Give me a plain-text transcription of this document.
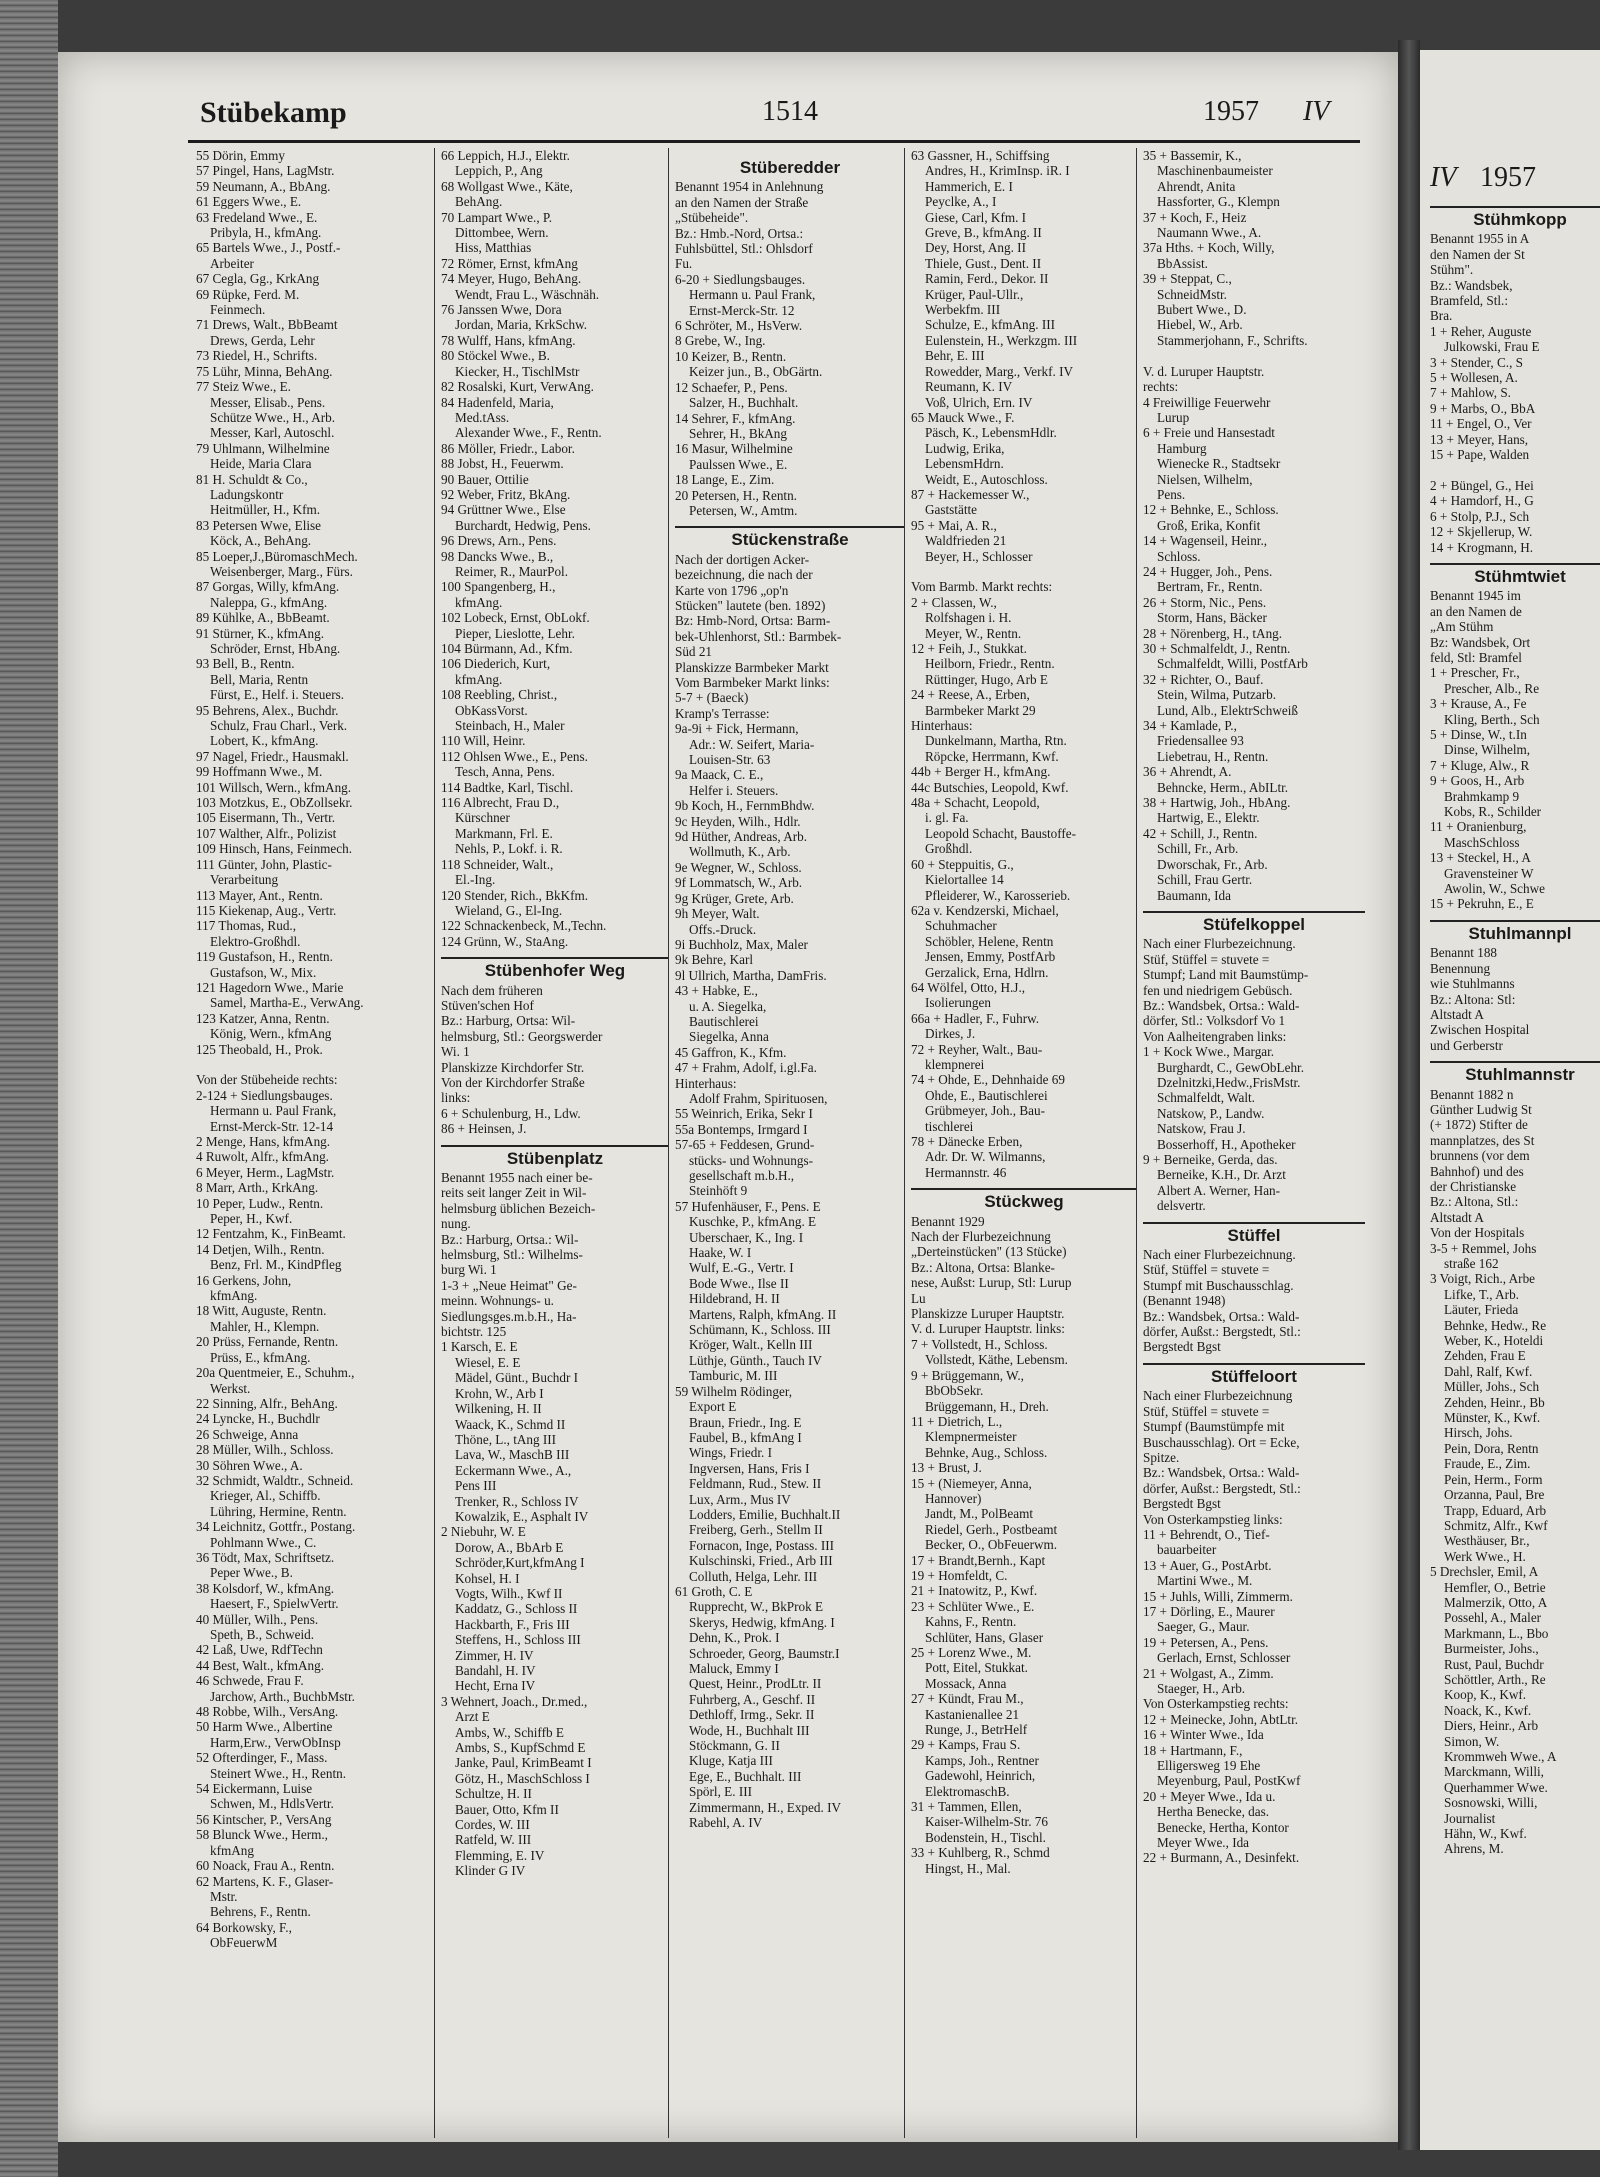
IV 1957
Stühmkopp
Benannt 1955 in A
den Namen der St
Stühm".
Bz.: Wandsbek,
Bramfeld, Stl.:
Bra.
1 + Reher, Auguste
Julkowski, Frau E
3 + Stender, C., S
5 + Wollesen, A.
7 + Mahlow, S.
9 + Marbs, O., BbA
11 + Engel, O., Ver
13 + Meyer, Hans,
15 + Pape, Walden

2 + Büngel, G., Hei
4 + Hamdorf, H., G
6 + Stolp, P.J., Sch
12 + Skjellerup, W.
14 + Krogmann, H.
Stühmtwiet
Benannt 1945 im
an den Namen de
„Am Stühm
Bz: Wandsbek, Ort
feld, Stl: Bramfel
1 + Prescher, Fr.,
Prescher, Alb., Re
3 + Krause, A., Fe
Kling, Berth., Sch
5 + Dinse, W., t.In
Dinse, Wilhelm,
7 + Kluge, Alw., R
9 + Goos, H., Arb
Brahmkamp 9
Kobs, R., Schilder
11 + Oranienburg,
MaschSchloss
13 + Steckel, H., A
Gravensteiner W
Awolin, W., Schwe
15 + Pekruhn, E., E
Stuhlmannpl
Benannt 188
Benennung
wie Stuhlmanns
Bz.: Altona: Stl:
Altstadt A
Zwischen Hospital
und Gerberstr
Stuhlmannstr
Benannt 1882 n
Günther Ludwig St
(+ 1872) Stifter de
mannplatzes, des St
brunnens (vor dem
Bahnhof) und des
der Christianske
Bz.: Altona, Stl.:
Altstadt A
Von der Hospitals
3-5 + Remmel, Johs
straße 162
3 Voigt, Rich., Arbe
Lifke, T., Arb.
Läuter, Frieda
Behnke, Hedw., Re
Weber, K., Hoteldi
Zehden, Frau E
Dahl, Ralf, Kwf.
Müller, Johs., Sch
Zehden, Heinr., Bb
Münster, K., Kwf.
Hirsch, Johs.
Pein, Dora, Rentn
Fraude, E., Zim.
Pein, Herm., Form
Orzanna, Paul, Bre
Trapp, Eduard, Arb
Schmitz, Alfr., Kwf
Westhäuser, Br.,
Werk Wwe., H.
5 Drechsler, Emil, A
Hemfler, O., Betrie
Malmerzik, Otto, A
Possehl, A., Maler
Markmann, L., Bbo
Burmeister, Johs.,
Rust, Paul, Buchdr
Schöttler, Arth., Re
Koop, K., Kwf.
Noack, K., Kwf.
Diers, Heinr., Arb
Simon, W.
Krommweh Wwe., A
Marckmann, Willi,
Querhammer Wwe.
Sosnowski, Willi,
Journalist
Hähn, W., Kwf.
Ahrens, M.
Stübekamp	1514	1957 IV
55 Dörin, Emmy
57 Pingel, Hans, LagMstr.
59 Neumann, A., BbAng.
61 Eggers Wwe., E.
63 Fredeland Wwe., E.
Pribyla, H., kfmAng.
65 Bartels Wwe., J., Postf.-
Arbeiter
67 Cegla, Gg., KrkAng
69 Rüpke, Ferd. M.
Feinmech.
71 Drews, Walt., BbBeamt
Drews, Gerda, Lehr
73 Riedel, H., Schrifts.
75 Lühr, Minna, BehAng.
77 Steiz Wwe., E.
Messer, Elisab., Pens.
Schütze Wwe., H., Arb.
Messer, Karl, Autoschl.
79 Uhlmann, Wilhelmine
Heide, Maria Clara
81 H. Schuldt & Co.,
Ladungskontr
Heitmüller, H., Kfm.
83 Petersen Wwe, Elise
Köck, A., BehAng.
85 Loeper,J.,BüromaschMech.
Weisenberger, Marg., Fürs.
87 Gorgas, Willy, kfmAng.
Naleppa, G., kfmAng.
89 Kühlke, A., BbBeamt.
91 Stürner, K., kfmAng.
Schröder, Ernst, HbAng.
93 Bell, B., Rentn.
Bell, Maria, Rentn
Fürst, E., Helf. i. Steuers.
95 Behrens, Alex., Buchdr.
Schulz, Frau Charl., Verk.
Lobert, K., kfmAng.
97 Nagel, Friedr., Hausmakl.
99 Hoffmann Wwe., M.
101 Willsch, Wern., kfmAng.
103 Motzkus, E., ObZollsekr.
105 Eisermann, Th., Vertr.
107 Walther, Alfr., Polizist
109 Hinsch, Hans, Feinmech.
111 Günter, John, Plastic-
Verarbeitung
113 Mayer, Ant., Rentn.
115 Kiekenap, Aug., Vertr.
117 Thomas, Rud.,
Elektro-Großhdl.
119 Gustafson, H., Rentn.
Gustafson, W., Mix.
121 Hagedorn Wwe., Marie
Samel, Martha-E., VerwAng.
123 Katzer, Anna, Rentn.
König, Wern., kfmAng
125 Theobald, H., Prok.

Von der Stübeheide rechts:
2-124 + Siedlungsbauges.
Hermann u. Paul Frank,
Ernst-Merck-Str. 12-14
2 Menge, Hans, kfmAng.
4 Ruwolt, Alfr., kfmAng.
6 Meyer, Herm., LagMstr.
8 Marr, Arth., KrkAng.
10 Peper, Ludw., Rentn.
Peper, H., Kwf.
12 Fentzahm, K., FinBeamt.
14 Detjen, Wilh., Rentn.
Benz, Frl. M., KindPfleg
16 Gerkens, John,
kfmAng.
18 Witt, Auguste, Rentn.
Mahler, H., Klempn.
20 Prüss, Fernande, Rentn.
Prüss, E., kfmAng.
20a Quentmeier, E., Schuhm.,
Werkst.
22 Sinning, Alfr., BehAng.
24 Lyncke, H., Buchdlr
26 Schweige, Anna
28 Müller, Wilh., Schloss.
30 Söhren Wwe., A.
32 Schmidt, Waldtr., Schneid.
Krieger, Al., Schiffb.
Lühring, Hermine, Rentn.
34 Leichnitz, Gottfr., Postang.
Pohlmann Wwe., C.
36 Tödt, Max, Schriftsetz.
Peper Wwe., B.
38 Kolsdorf, W., kfmAng.
Haesert, F., SpielwVertr.
40 Müller, Wilh., Pens.
Speth, B., Schweid.
42 Laß, Uwe, RdfTechn
44 Best, Walt., kfmAng.
46 Schwede, Frau F.
Jarchow, Arth., BuchbMstr.
48 Robbe, Wilh., VersAng.
50 Harm Wwe., Albertine
Harm,Erw., VerwObInsp
52 Ofterdinger, F., Mass.
Steinert Wwe., H., Rentn.
54 Eickermann, Luise
Schwen, M., HdlsVertr.
56 Kintscher, P., VersAng
58 Blunck Wwe., Herm.,
kfmAng
60 Noack, Frau A., Rentn.
62 Martens, K. F., Glaser-
Mstr.
Behrens, F., Rentn.
64 Borkowsky, F.,
ObFeuerwM
66 Leppich, H.J., Elektr.
Leppich, P., Ang
68 Wollgast Wwe., Käte,
BehAng.
70 Lampart Wwe., P.
Dittombee, Wern.
Hiss, Matthias
72 Römer, Ernst, kfmAng
74 Meyer, Hugo, BehAng.
Wendt, Frau L., Wäschnäh.
76 Janssen Wwe, Dora
Jordan, Maria, KrkSchw.
78 Wulff, Hans, kfmAng.
80 Stöckel Wwe., B.
Kiecker, H., TischlMstr
82 Rosalski, Kurt, VerwAng.
84 Hadenfeld, Maria,
Med.tAss.
Alexander Wwe., F., Rentn.
86 Möller, Friedr., Labor.
88 Jobst, H., Feuerwm.
90 Bauer, Ottilie
92 Weber, Fritz, BkAng.
94 Grüttner Wwe., Else
Burchardt, Hedwig, Pens.
96 Drews, Arn., Pens.
98 Dancks Wwe., B.,
Reimer, R., MaurPol.
100 Spangenberg, H.,
kfmAng.
102 Lobeck, Ernst, ObLokf.
Pieper, Lieslotte, Lehr.
104 Bürmann, Ad., Kfm.
106 Diederich, Kurt,
kfmAng.
108 Reebling, Christ.,
ObKassVorst.
Steinbach, H., Maler
110 Will, Heinr.
112 Ohlsen Wwe., E., Pens.
Tesch, Anna, Pens.
114 Badtke, Karl, Tischl.
116 Albrecht, Frau D.,
Kürschner
Markmann, Frl. E.
Nehls, P., Lokf. i. R.
118 Schneider, Walt.,
El.-Ing.
120 Stender, Rich., BkKfm.
Wieland, G., El-Ing.
122 Schnackenbeck, M.,Techn.
124 Grünn, W., StaAng.
Stübenhofer Weg
Nach dem früheren
Stüven'schen Hof
Bz.: Harburg, Ortsa: Wil-
helmsburg, Stl.: Georgswerder
Wi. 1
Planskizze Kirchdorfer Str.
Von der Kirchdorfer Straße
links:
6 + Schulenburg, H., Ldw.
86 + Heinsen, J.
Stübenplatz
Benannt 1955 nach einer be-
reits seit langer Zeit in Wil-
helmsburg üblichen Bezeich-
nung.
Bz.: Harburg, Ortsa.: Wil-
helmsburg, Stl.: Wilhelms-
burg Wi. 1
1-3 + „Neue Heimat" Ge-
meinn. Wohnungs- u.
Siedlungsges.m.b.H., Ha-
bichtstr. 125
1 Karsch, E. E
Wiesel, E. E
Mädel, Günt., Buchdr I
Krohn, W., Arb I
Wilkening, H. II
Waack, K., Schmd II
Thöne, L., tAng III
Lava, W., MaschB III
Eckermann Wwe., A.,
Pens III
Trenker, R., Schloss IV
Kowalzik, E., Asphalt IV
2 Niebuhr, W. E
Dorow, A., BbArb E
Schröder,Kurt,kfmAng I
Kohsel, H. I
Vogts, Wilh., Kwf II
Kaddatz, G., Schloss II
Hackbarth, F., Fris III
Steffens, H., Schloss III
Zimmer, H. IV
Bandahl, H. IV
Hecht, Erna IV
3 Wehnert, Joach., Dr.med.,
Arzt E
Ambs, W., Schiffb E
Ambs, S., KupfSchmd E
Janke, Paul, KrimBeamt I
Götz, H., MaschSchloss I
Schultze, H. II
Bauer, Otto, Kfm II
Cordes, W. III
Ratfeld, W. III
Flemming, E. IV
Klinder G IV
Stüberedder
Benannt 1954 in Anlehnung
an den Namen der Straße
„Stübeheide".
Bz.: Hmb.-Nord, Ortsa.:
Fuhlsbüttel, Stl.: Ohlsdorf
Fu.
6-20 + Siedlungsbauges.
Hermann u. Paul Frank,
Ernst-Merck-Str. 12
6 Schröter, M., HsVerw.
8 Grebe, W., Ing.
10 Keizer, B., Rentn.
Keizer jun., B., ObGärtn.
12 Schaefer, P., Pens.
Salzer, H., Buchhalt.
14 Sehrer, F., kfmAng.
Sehrer, H., BkAng
16 Masur, Wilhelmine
Paulssen Wwe., E.
18 Lange, E., Zim.
20 Petersen, H., Rentn.
Petersen, W., Amtm.
Stückenstraße
Nach der dortigen Acker-
bezeichnung, die nach der
Karte von 1796 „op'n
Stücken" lautete (ben. 1892)
Bz: Hmb-Nord, Ortsa: Barm-
bek-Uhlenhorst, Stl.: Barmbek-
Süd 21
Planskizze Barmbeker Markt
Vom Barmbeker Markt links:
5-7 + (Baeck)
Kramp's Terrasse:
9a-9i + Fick, Hermann,
Adr.: W. Seifert, Maria-
Louisen-Str. 63
9a Maack, C. E.,
Helfer i. Steuers.
9b Koch, H., FernmBhdw.
9c Heyden, Wilh., Hdlr.
9d Hüther, Andreas, Arb.
Wollmuth, K., Arb.
9e Wegner, W., Schloss.
9f Lommatsch, W., Arb.
9g Krüger, Grete, Arb.
9h Meyer, Walt.
Offs.-Druck.
9i Buchholz, Max, Maler
9k Behre, Karl
9l Ullrich, Martha, DamFris.
43 + Habke, E.,
u. A. Siegelka,
Bautischlerei
Siegelka, Anna
45 Gaffron, K., Kfm.
47 + Frahm, Adolf, i.gl.Fa.
Hinterhaus:
Adolf Frahm, Spirituosen,
55 Weinrich, Erika, Sekr I
55a Bontemps, Irmgard I
57-65 + Feddesen, Grund-
stücks- und Wohnungs-
gesellschaft m.b.H.,
Steinhöft 9
57 Hufenhäuser, F., Pens. E
Kuschke, P., kfmAng. E
Uberschaer, K., Ing. I
Haake, W. I
Wulf, E.-G., Vertr. I
Bode Wwe., Ilse II
Hildebrand, H. II
Martens, Ralph, kfmAng. II
Schümann, K., Schloss. III
Kröger, Walt., Kelln III
Lüthje, Günth., Tauch IV
Tamburic, M. III
59 Wilhelm Rödinger,
Export E
Braun, Friedr., Ing. E
Faubel, B., kfmAng I
Wings, Friedr. I
Ingversen, Hans, Fris I
Feldmann, Rud., Stew. II
Lux, Arm., Mus IV
Lodders, Emilie, Buchhalt.II
Freiberg, Gerh., Stellm II
Fornacon, Inge, Postass. III
Kulschinski, Fried., Arb III
Colluth, Helga, Lehr. III
61 Groth, C. E
Rupprecht, W., BkProk E
Skerys, Hedwig, kfmAng. I
Dehn, K., Prok. I
Schroeder, Georg, Baumstr.I
Maluck, Emmy I
Quest, Heinr., ProdLtr. II
Fuhrberg, A., Geschf. II
Dethloff, Irmg., Sekr. II
Wode, H., Buchhalt III
Stöckmann, G. II
Kluge, Katja III
Ege, E., Buchhalt. III
Spörl, E. III
Zimmermann, H., Exped. IV
Rabehl, A. IV
63 Gassner, H., Schiffsing
Andres, H., KrimInsp. iR. I
Hammerich, E. I
Peyclke, A., I
Giese, Carl, Kfm. I
Greve, B., kfmAng. II
Dey, Horst, Ang. II
Thiele, Gust., Dent. II
Ramin, Ferd., Dekor. II
Krüger, Paul-Ullr.,
Werbekfm. III
Schulze, E., kfmAng. III
Eulenstein, H., Werkzgm. III
Behr, E. III
Rowedder, Marg., Verkf. IV
Reumann, K. IV
Voß, Ulrich, Ern. IV
65 Mauck Wwe., F.
Päsch, K., LebensmHdlr.
Ludwig, Erika,
LebensmHdrn.
Weidt, E., Autoschloss.
87 + Hackemesser W.,
Gaststätte
95 + Mai, A. R.,
Waldfrieden 21
Beyer, H., Schlosser

Vom Barmb. Markt rechts:
2 + Classen, W.,
Rolfshagen i. H.
Meyer, W., Rentn.
12 + Feih, J., Stukkat.
Heilborn, Friedr., Rentn.
Rüttinger, Hugo, Arb E
24 + Reese, A., Erben,
Barmbeker Markt 29
Hinterhaus:
Dunkelmann, Martha, Rtn.
Röpcke, Herrmann, Kwf.
44b + Berger H., kfmAng.
44c Butschies, Leopold, Kwf.
48a + Schacht, Leopold,
i. gl. Fa.
Leopold Schacht, Baustoffe-
Großhdl.
60 + Steppuitis, G.,
Kielortallee 14
Pfleiderer, W., Karosserieb.
62a v. Kendzerski, Michael,
Schuhmacher
Schöbler, Helene, Rentn
Jensen, Emmy, PostfArb
Gerzalick, Erna, Hdlrn.
64 Wölfel, Otto, H.J.,
Isolierungen
66a + Hadler, F., Fuhrw.
Dirkes, J.
72 + Reyher, Walt., Bau-
klempnerei
74 + Ohde, E., Dehnhaide 69
Ohde, E., Bautischlerei
Grübmeyer, Joh., Bau-
tischlerei
78 + Dänecke Erben,
Adr. Dr. W. Wilmanns,
Hermannstr. 46
Stückweg
Benannt 1929
Nach der Flurbezeichnung
„Derteinstücken" (13 Stücke)
Bz.: Altona, Ortsa: Blanke-
nese, Außst: Lurup, Stl: Lurup
Lu
Planskizze Luruper Hauptstr.
V. d. Luruper Hauptstr. links:
7 + Vollstedt, H., Schloss.
Vollstedt, Käthe, Lebensm.
9 + Brüggemann, W.,
BbObSekr.
Brüggemann, H., Dreh.
11 + Dietrich, L.,
Klempnermeister
Behnke, Aug., Schloss.
13 + Brust, J.
15 + (Niemeyer, Anna,
Hannover)
Jandt, M., PolBeamt
Riedel, Gerh., Postbeamt
Becker, O., ObFeuerwm.
17 + Brandt,Bernh., Kapt
19 + Homfeldt, C.
21 + Inatowitz, P., Kwf.
23 + Schlüter Wwe., E.
Kahns, F., Rentn.
Schlüter, Hans, Glaser
25 + Lorenz Wwe., M.
Pott, Eitel, Stukkat.
Mossack, Anna
27 + Kündt, Frau M.,
Kastanienallee 21
Runge, J., BetrHelf
29 + Kamps, Frau S.
Kamps, Joh., Rentner
Gadewohl, Heinrich,
ElektromaschB.
31 + Tammen, Ellen,
Kaiser-Wilhelm-Str. 76
Bodenstein, H., Tischl.
33 + Kuhlberg, R., Schmd
Hingst, H., Mal.
35 + Bassemir, K.,
Maschinenbaumeister
Ahrendt, Anita
Hassforter, G., Klempn
37 + Koch, F., Heiz
Naumann Wwe., A.
37a Hths. + Koch, Willy,
BbAssist.
39 + Steppat, C.,
SchneidMstr.
Bubert Wwe., D.
Hiebel, W., Arb.
Stammerjohann, F., Schrifts.

V. d. Luruper Hauptstr.
rechts:
4 Freiwillige Feuerwehr
Lurup
6 + Freie und Hansestadt
Hamburg
Wienecke R., Stadtsekr
Nielsen, Wilhelm,
Pens.
12 + Behnke, E., Schloss.
Groß, Erika, Konfit
14 + Wagenseil, Heinr.,
Schloss.
24 + Hugger, Joh., Pens.
Bertram, Fr., Rentn.
26 + Storm, Nic., Pens.
Storm, Hans, Bäcker
28 + Nörenberg, H., tAng.
30 + Schmalfeldt, J., Rentn.
Schmalfeldt, Willi, PostfArb
32 + Richter, O., Bauf.
Stein, Wilma, Putzarb.
Lund, Alb., ElektrSchweiß
34 + Kamlade, P.,
Friedensallee 93
Liebetrau, H., Rentn.
36 + Ahrendt, A.
Behncke, Herm., AbILtr.
38 + Hartwig, Joh., HbAng.
Hartwig, E., Elektr.
42 + Schill, J., Rentn.
Schill, Fr., Arb.
Dworschak, Fr., Arb.
Schill, Frau Gertr.
Baumann, Ida
Stüfelkoppel
Nach einer Flurbezeichnung.
Stüf, Stüffel = stuvete =
Stumpf; Land mit Baumstümp-
fen und niedrigem Gebüsch.
Bz.: Wandsbek, Ortsa.: Wald-
dörfer, Stl.: Volksdorf Vo 1
Von Aalheitengraben links:
1 + Kock Wwe., Margar.
Burghardt, C., GewObLehr.
Dzelnitzki,Hedw.,FrisMstr.
Schmalfeldt, Walt.
Natskow, P., Landw.
Natskow, Frau J.
Bosserhoff, H., Apotheker
9 + Berneike, Gerda, das.
Berneike, K.H., Dr. Arzt
Albert A. Werner, Han-
delsvertr.
Stüffel
Nach einer Flurbezeichnung.
Stüf, Stüffel = stuvete =
Stumpf mit Buschausschlag.
(Benannt 1948)
Bz.: Wandsbek, Ortsa.: Wald-
dörfer, Außst.: Bergstedt, Stl.:
Bergstedt Bgst
Stüffeloort
Nach einer Flurbezeichnung
Stüf, Stüffel = stuvete =
Stumpf (Baumstümpfe mit
Buschausschlag). Ort = Ecke,
Spitze.
Bz.: Wandsbek, Ortsa.: Wald-
dörfer, Außst.: Bergstedt, Stl.:
Bergstedt Bgst
Von Osterkampstieg links:
11 + Behrendt, O., Tief-
bauarbeiter
13 + Auer, G., PostArbt.
Martini Wwe., M.
15 + Juhls, Willi, Zimmerm.
17 + Dörling, E., Maurer
Saeger, G., Maur.
19 + Petersen, A., Pens.
Gerlach, Ernst, Schlosser
21 + Wolgast, A., Zimm.
Staeger, H., Arb.
Von Osterkampstieg rechts:
12 + Meinecke, John, AbtLtr.
16 + Winter Wwe., Ida
18 + Hartmann, F.,
Elligersweg 19 Ehe
Meyenburg, Paul, PostKwf
20 + Meyer Wwe., Ida u.
Hertha Benecke, das.
Benecke, Hertha, Kontor
Meyer Wwe., Ida
22 + Burmann, A., Desinfekt.
